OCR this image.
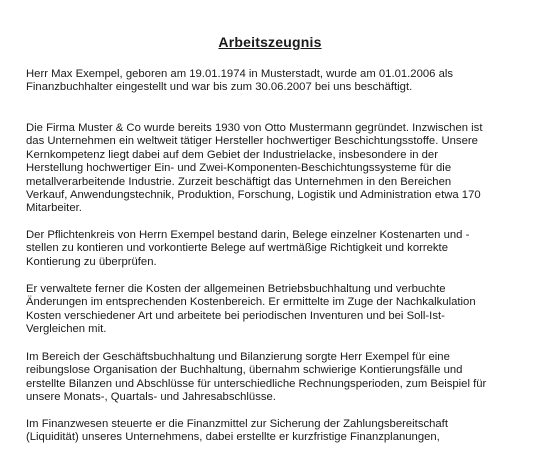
Arbeitszeugnis

Herr Max Exempel, geboren am 19.01.1974 in Musterstadt, wurde am 01.01.2006 als
Finanzbuchhalter eingestellt und war bis zum 30.06.2007 bei uns beschäftigt.

Die Firma Muster & Co wurde bereits 1930 von Otto Mustermann gegründet. Inzwischen ist
das Unternehmen ein weltweit tätiger Hersteller hochwertiger Beschichtungsstoffe. Unsere
Kernkompetenz liegt dabei auf dem Gebiet der Industrielacke, insbesondere in der
Herstellung hochwertiger Ein- und Zwei-Komponenten-Beschichtungssysteme für die
metallverarbeitende Industrie. Zurzeit beschäftigt das Unternehmen in den Bereichen
Verkauf, Anwendungstechnik, Produktion, Forschung, Logistik und Administration etwa 170
Mitarbeiter.

Der Pflichtenkreis von Herrn Exempel bestand darin, Belege einzelner Kostenarten und -
stellen zu kontieren und vorkontierte Belege auf wertmäßige Richtigkeit und korrekte
Kontierung zu überprüfen.

Er verwaltete ferner die Kosten der allgemeinen Betriebsbuchhaltung und verbuchte
Änderungen im entsprechenden Kostenbereich. Er ermittelte im Zuge der Nachkalkulation
Kosten verschiedener Art und arbeitete bei periodischen Inventuren und bei Soll-Ist-
Vergleichen mit.

Im Bereich der Geschäftsbuchhaltung und Bilanzierung sorgte Herr Exempel für eine
reibungslose Organisation der Buchhaltung, übernahm schwierige Kontierungsfälle und
erstellte Bilanzen und Abschlüsse für unterschiedliche Rechnungsperioden, zum Beispiel für
unsere Monats-, Quartals- und Jahresabschlüsse.

Im Finanzwesen steuerte er die Finanzmittel zur Sicherung der Zahlungsbereitschaft
(Liquidität) unseres Unternehmens, dabei erstellte er kurzfristige Finanzplanungen,
